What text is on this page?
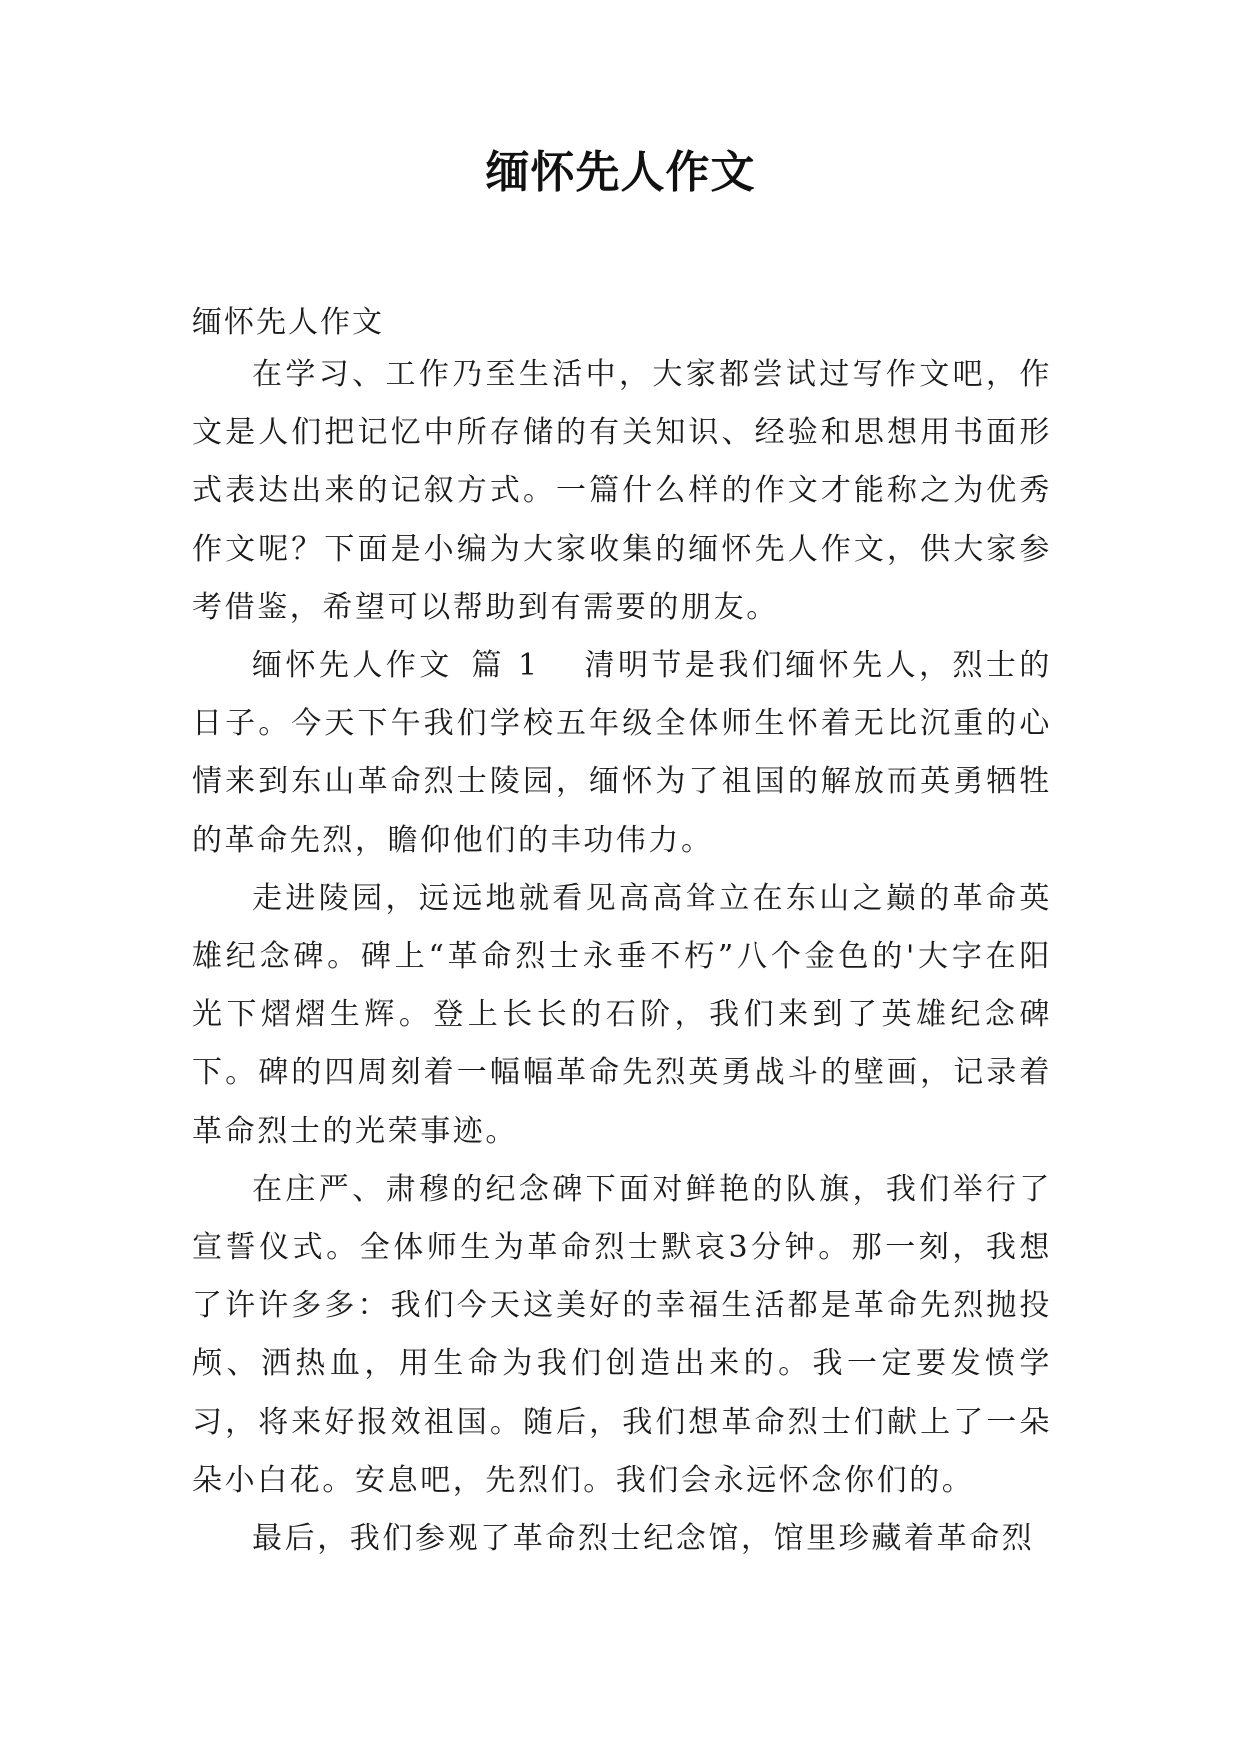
缅怀先人作文

缅怀先人作文

在学习、工作乃至生活中，大家都尝试过写作文吧，作文是人们把记忆中所存储的有关知识、经验和思想用书面形式表达出来的记叙方式。一篇什么样的作文才能称之为优秀作文呢？下面是小编为大家收集的缅怀先人作文，供大家参考借鉴，希望可以帮助到有需要的朋友。

缅怀先人作文 篇 1 清明节是我们缅怀先人，烈士的日子。今天下午我们学校五年级全体师生怀着无比沉重的心情来到东山革命烈士陵园，缅怀为了祖国的解放而英勇牺牲的革命先烈，瞻仰他们的丰功伟力。

走进陵园，远远地就看见高高耸立在东山之巅的革命英雄纪念碑。碑上“革命烈士永垂不朽”八个金色的'大字在阳光下熠熠生辉。登上长长的石阶，我们来到了英雄纪念碑下。碑的四周刻着一幅幅革命先烈英勇战斗的壁画，记录着革命烈士的光荣事迹。

在庄严、肃穆的纪念碑下面对鲜艳的队旗，我们举行了宣誓仪式。全体师生为革命烈士默哀3分钟。那一刻，我想了许许多多：我们今天这美好的幸福生活都是革命先烈抛投颅、洒热血，用生命为我们创造出来的。我一定要发愤学习，将来好报效祖国。随后，我们想革命烈士们献上了一朵朵小白花。安息吧，先烈们。我们会永远怀念你们的。

最后，我们参观了革命烈士纪念馆，馆里珍藏着革命烈
